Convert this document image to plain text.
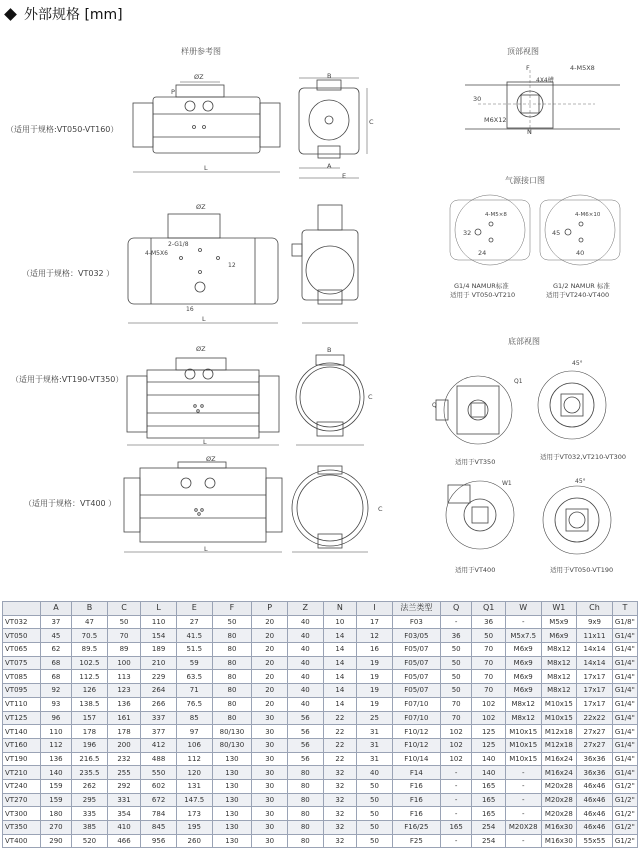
外部规格 [mm]
样册参考图	顶部视图
气源接口图
底部视图
（适用于规格:VT050-VT160）
（适用于规格：VT032 ）
（适用于规格:VT190-VT350）
（适用于规格：VT400 ）
G1/4 NAMUR标准
适用于 VT050-VT210
G1/2 NAMUR 标准
适用于VT240-VT400
适用于VT350
适用于VT032,VT210-VT300
适用于VT400	适用于VT050-VT190
ØZ
P
L
B
C
A
E
F	4-M5X8
4X4槽
30
M6X12
N
32
24
4-M5×8
45
40
4-M6×10
ØZ
2-G1/8
4-M5X6
16
12
L
ØZ
L
B
C
ØZ
L
C
Q1
Q
45°
W1	45°
	A	B	C	L	E	F	P	Z	N	I	法兰类型	Q	Q1	W	W1	Ch	T
VT032	37	47	50	110	27	50	20	40	10	17	F03	-	36	-	M5x9	9x9	G1/8"
VT050	45	70.5	70	154	41.5	80	20	40	14	12	F03/05	36	50	M5x7.5	M6x9	11x11	G1/4"
VT065	62	89.5	89	189	51.5	80	20	40	14	16	F05/07	50	70	M6x9	M8x12	14x14	G1/4"
VT075	68	102.5	100	210	59	80	20	40	14	19	F05/07	50	70	M6x9	M8x12	14x14	G1/4"
VT085	68	112.5	113	229	63.5	80	20	40	14	19	F05/07	50	70	M6x9	M8x12	17x17	G1/4"
VT095	92	126	123	264	71	80	20	40	14	19	F05/07	50	70	M6x9	M8x12	17x17	G1/4"
VT110	93	138.5	136	266	76.5	80	20	40	14	19	F07/10	70	102	M8x12	M10x15	17x17	G1/4"
VT125	96	157	161	337	85	80	30	56	22	25	F07/10	70	102	M8x12	M10x15	22x22	G1/4"
VT140	110	178	178	377	97	80/130	30	56	22	31	F10/12	102	125	M10x15	M12x18	27x27	G1/4"
VT160	112	196	200	412	106	80/130	30	56	22	31	F10/12	102	125	M10x15	M12x18	27x27	G1/4"
VT190	136	216.5	232	488	112	130	30	56	22	31	F10/14	102	140	M10x15	M16x24	36x36	G1/4"
VT210	140	235.5	255	550	120	130	30	80	32	40	F14	-	140	-	M16x24	36x36	G1/4"
VT240	159	262	292	602	131	130	30	80	32	50	F16	-	165	-	M20x28	46x46	G1/2"
VT270	159	295	331	672	147.5	130	30	80	32	50	F16	-	165	-	M20x28	46x46	G1/2"
VT300	180	335	354	784	173	130	30	80	32	50	F16	-	165	-	M20x28	46x46	G1/2"
VT350	270	385	410	845	195	130	30	80	32	50	F16/25	165	254	M20X28	M16x30	46x46	G1/2"
VT400	290	520	466	956	260	130	30	80	32	50	F25	-	254	-	M16x30	55x55	G1/2"
